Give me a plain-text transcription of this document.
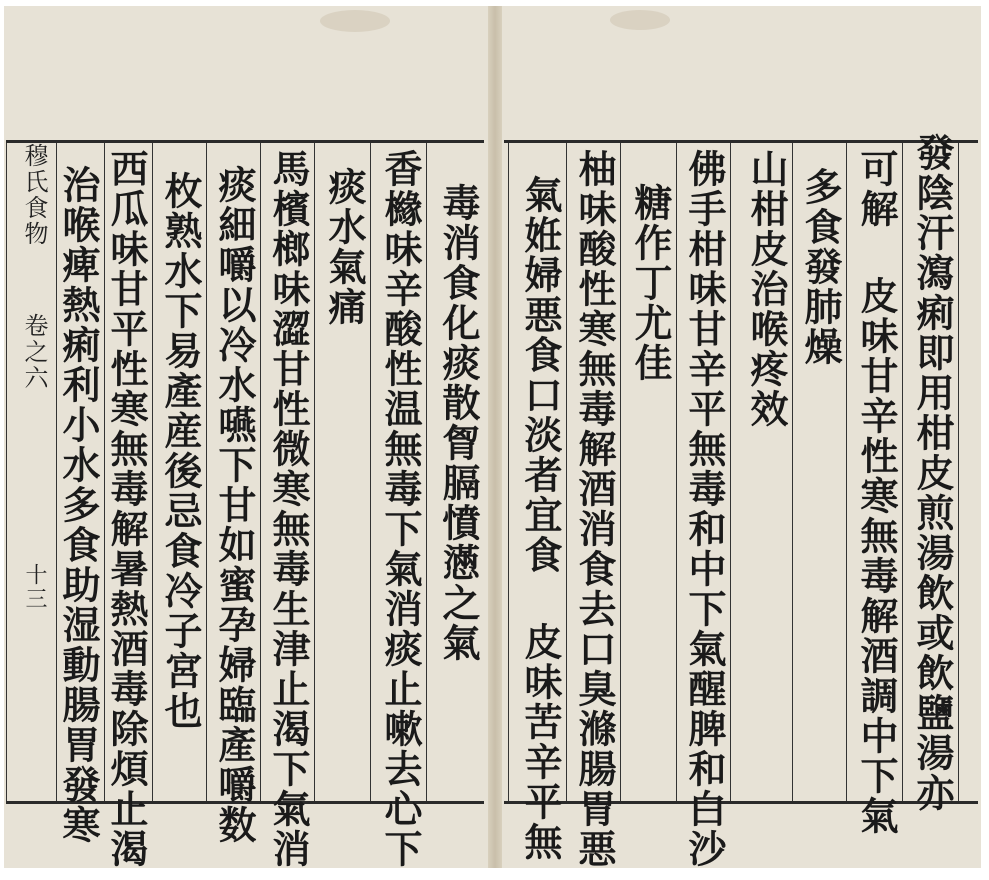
穆氏食物
卷之六
十三	毒消食化痰散胷膈憤懣之氣
香櫞味辛酸性温無毒下氣消痰止嗽去心下
痰水氣痛
馬檳榔味澀甘性微寒無毒生津止渴下氣消
痰細嚼以冷水嚥下甘如蜜孕婦臨產嚼数
枚熟水下易產産後忌食冷子宮也
西瓜味甘平性寒無毒解暑熱酒毒除煩止渴
治喉痺熱痢利小水多食助湿動腸胃發寒	發陰汗瀉痢即用柑皮煎湯飲或飲鹽湯亦
可解 皮味甘辛性寒無毒解酒調中下氣
多食發肺燥
山柑皮治喉疼效
佛手柑味甘辛平無毒和中下氣醒脾和白沙
糖作丁尤佳
柚味酸性寒無毒解酒消食去口臭滌腸胃悪
氣姙婦悪食口淡者宜食 皮味苦辛平無
